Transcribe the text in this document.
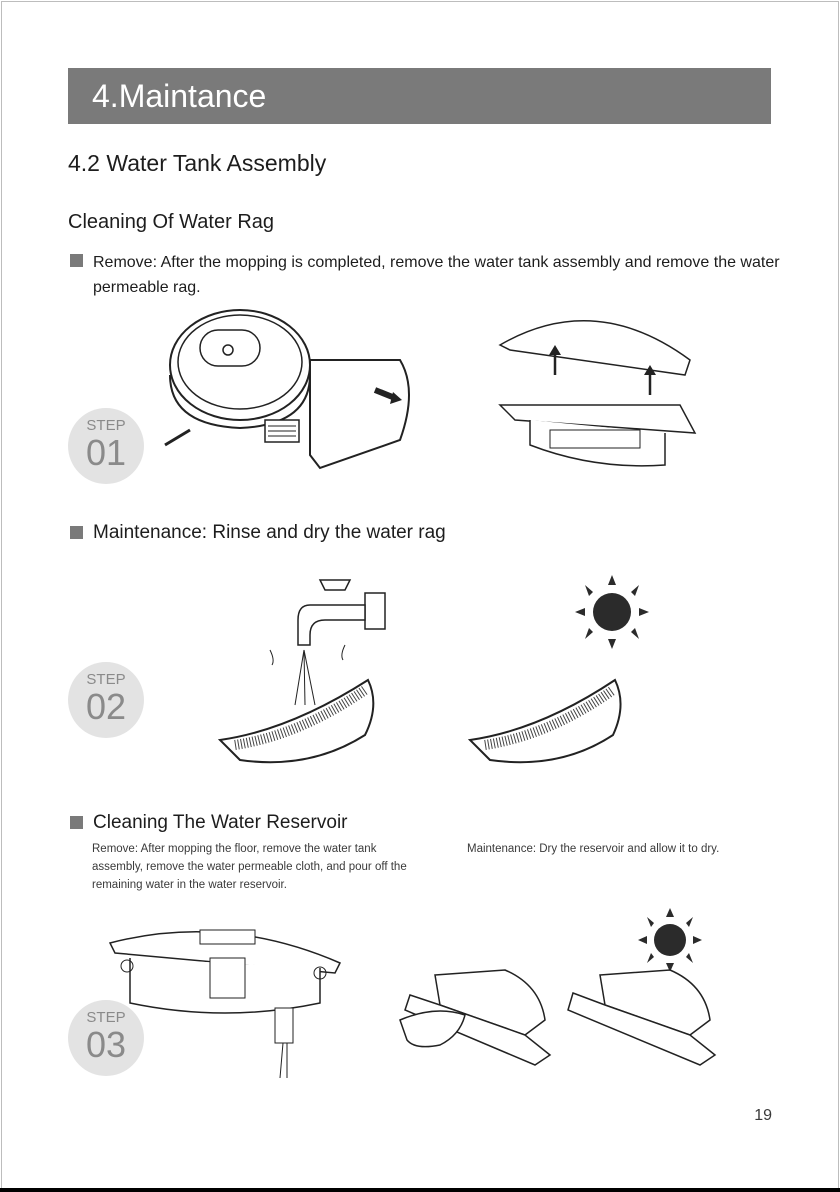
4.Maintance
4.2 Water Tank Assembly
Cleaning Of Water Rag
Remove: After the mopping is completed, remove the water tank assembly and remove the water permeable rag.
STEP
01
Maintenance: Rinse and dry the water rag
STEP
02
Cleaning The Water Reservoir
Remove: After mopping the floor, remove the water tank assembly, remove the water permeable cloth, and pour off the remaining water in the water reservoir.
Maintenance: Dry the reservoir and allow it to dry.
STEP
03
19
